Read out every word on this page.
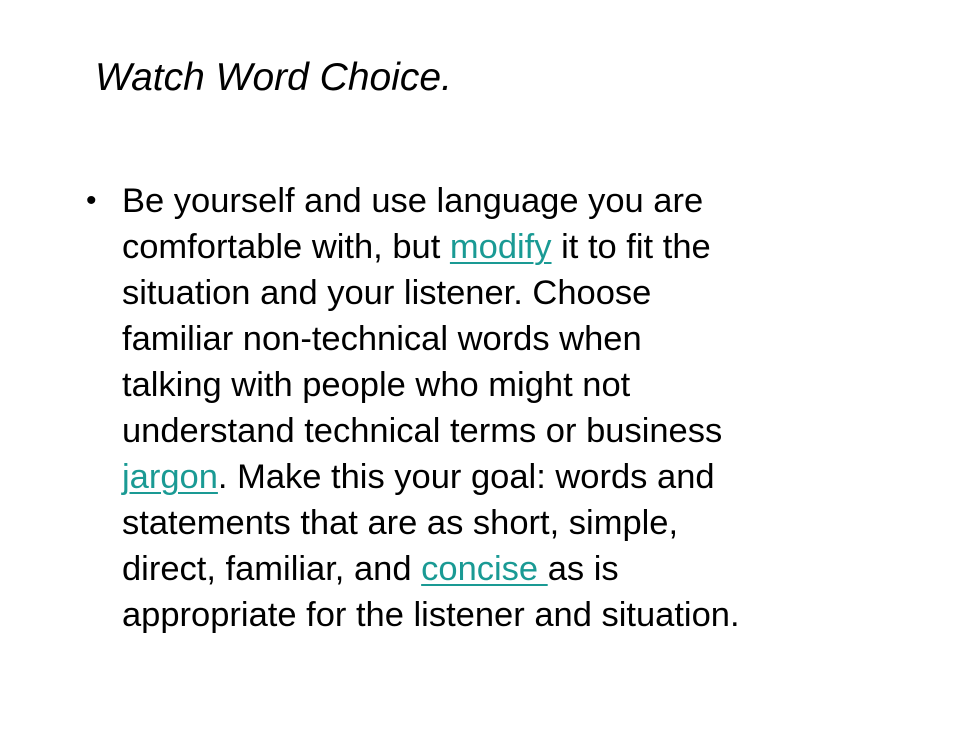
Watch Word Choice.
• Be yourself and use language you are
comfortable with, but modify it to fit the
situation and your listener. Choose
familiar non-technical words when
talking with people who might not
understand technical terms or business
jargon. Make this your goal: words and
statements that are as short, simple,
direct, familiar, and concise as is
appropriate for the listener and situation.
